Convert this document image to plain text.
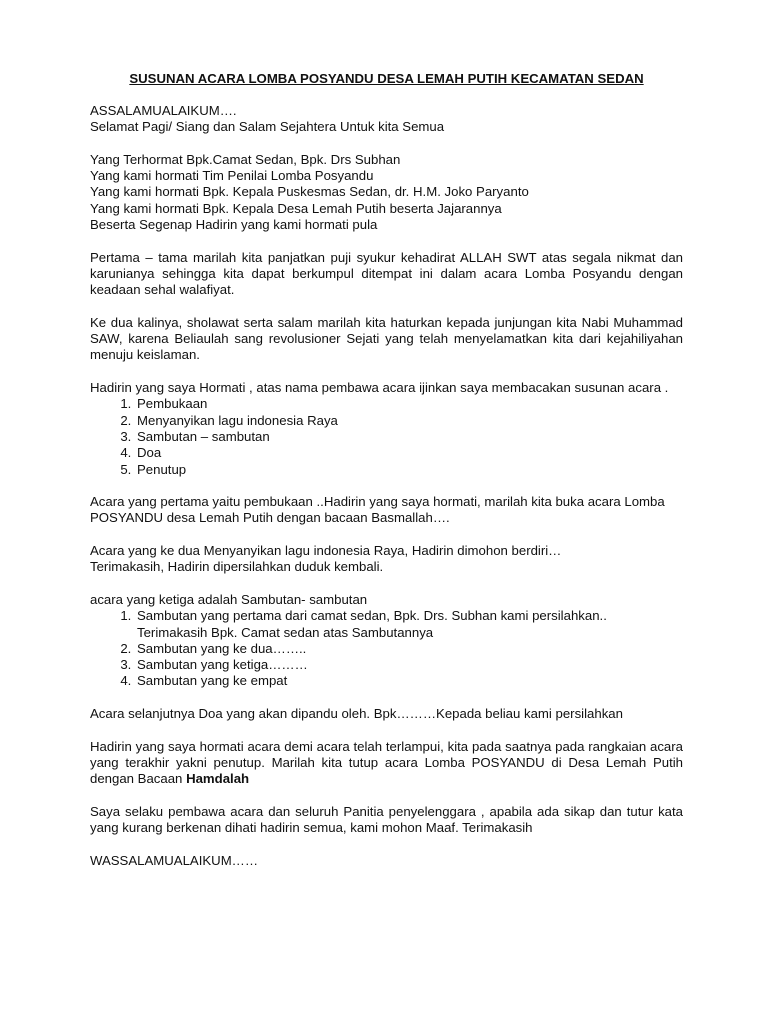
SUSUNAN ACARA LOMBA POSYANDU DESA LEMAH PUTIH KECAMATAN SEDAN
ASSALAMUALAIKUM….
Selamat Pagi/ Siang dan Salam Sejahtera Untuk kita Semua
Yang Terhormat Bpk.Camat Sedan, Bpk. Drs Subhan
Yang kami hormati Tim Penilai Lomba Posyandu
Yang kami hormati Bpk. Kepala Puskesmas Sedan, dr. H.M. Joko Paryanto
Yang kami hormati Bpk. Kepala Desa Lemah Putih beserta Jajarannya
Beserta Segenap Hadirin yang kami hormati pula
Pertama – tama marilah kita panjatkan puji syukur kehadirat ALLAH SWT atas segala nikmat dan karunianya sehingga kita dapat berkumpul ditempat ini dalam acara Lomba Posyandu dengan keadaan sehal walafiyat.
Ke dua kalinya, sholawat serta salam marilah kita haturkan kepada junjungan kita Nabi Muhammad SAW, karena Beliaulah sang revolusioner Sejati yang telah menyelamatkan kita dari kejahiliyahan menuju keislaman.
Hadirin yang saya Hormati , atas nama pembawa acara ijinkan saya membacakan susunan acara .
1. Pembukaan
2. Menyanyikan lagu indonesia Raya
3. Sambutan – sambutan
4. Doa
5. Penutup
Acara yang pertama yaitu pembukaan ..Hadirin yang saya hormati, marilah kita buka acara Lomba POSYANDU desa Lemah Putih dengan bacaan Basmallah….
Acara yang ke dua Menyanyikan lagu indonesia Raya, Hadirin dimohon berdiri…
Terimakasih, Hadirin dipersilahkan duduk kembali.
acara yang ketiga adalah Sambutan- sambutan
1. Sambutan yang pertama dari camat sedan, Bpk. Drs. Subhan kami persilahkan..
Terimakasih Bpk. Camat sedan atas Sambutannya
2. Sambutan yang ke dua……..
3. Sambutan yang ketiga………
4. Sambutan yang ke empat
Acara selanjutnya Doa yang akan dipandu oleh. Bpk………Kepada beliau kami persilahkan
Hadirin yang saya hormati acara demi acara telah terlampui, kita pada saatnya pada rangkaian acara yang terakhir yakni penutup. Marilah kita tutup acara Lomba POSYANDU di Desa Lemah Putih dengan Bacaan Hamdalah
Saya selaku pembawa acara dan seluruh Panitia penyelenggara , apabila ada sikap dan tutur kata yang kurang berkenan dihati hadirin semua, kami mohon Maaf. Terimakasih
WASSALAMUALAIKUM……
